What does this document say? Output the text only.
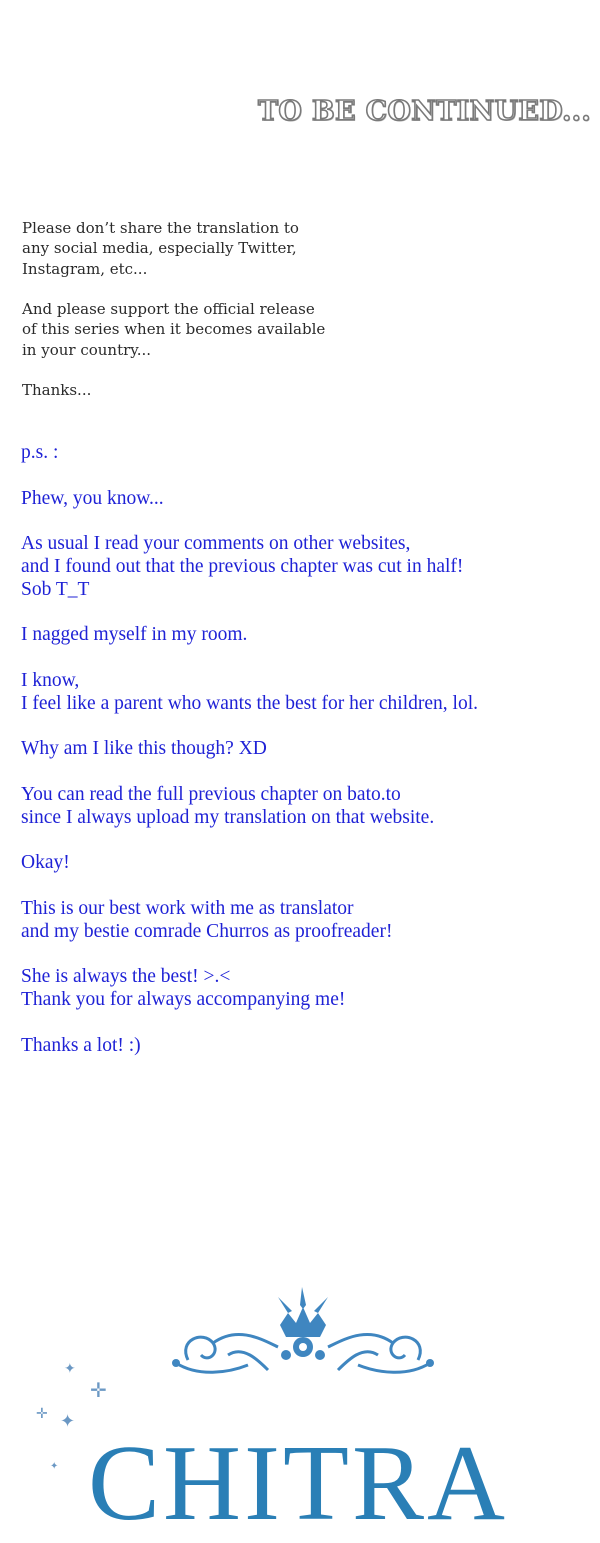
TO BE CONTINUED...
Please don’t share the translation to
any social media, especially Twitter,
Instagram, etc...
And please support the official release
of this series when it becomes available
in your country...
Thanks...
p.s. :
Phew, you know...
As usual I read your comments on other websites,
and I found out that the previous chapter was cut in half!
Sob T_T
I nagged myself in my room.
I know,
I feel like a parent who wants the best for her children, lol.
Why am I like this though? XD
You can read the full previous chapter on bato.to
since I always upload my translation on that website.
Okay!
This is our best work with me as translator
and my bestie comrade Churros as proofreader!
She is always the best! >.<
Thank you for always accompanying me!
Thanks a lot! :)
✦
✛
✛ ✦
✦ CHITRA
